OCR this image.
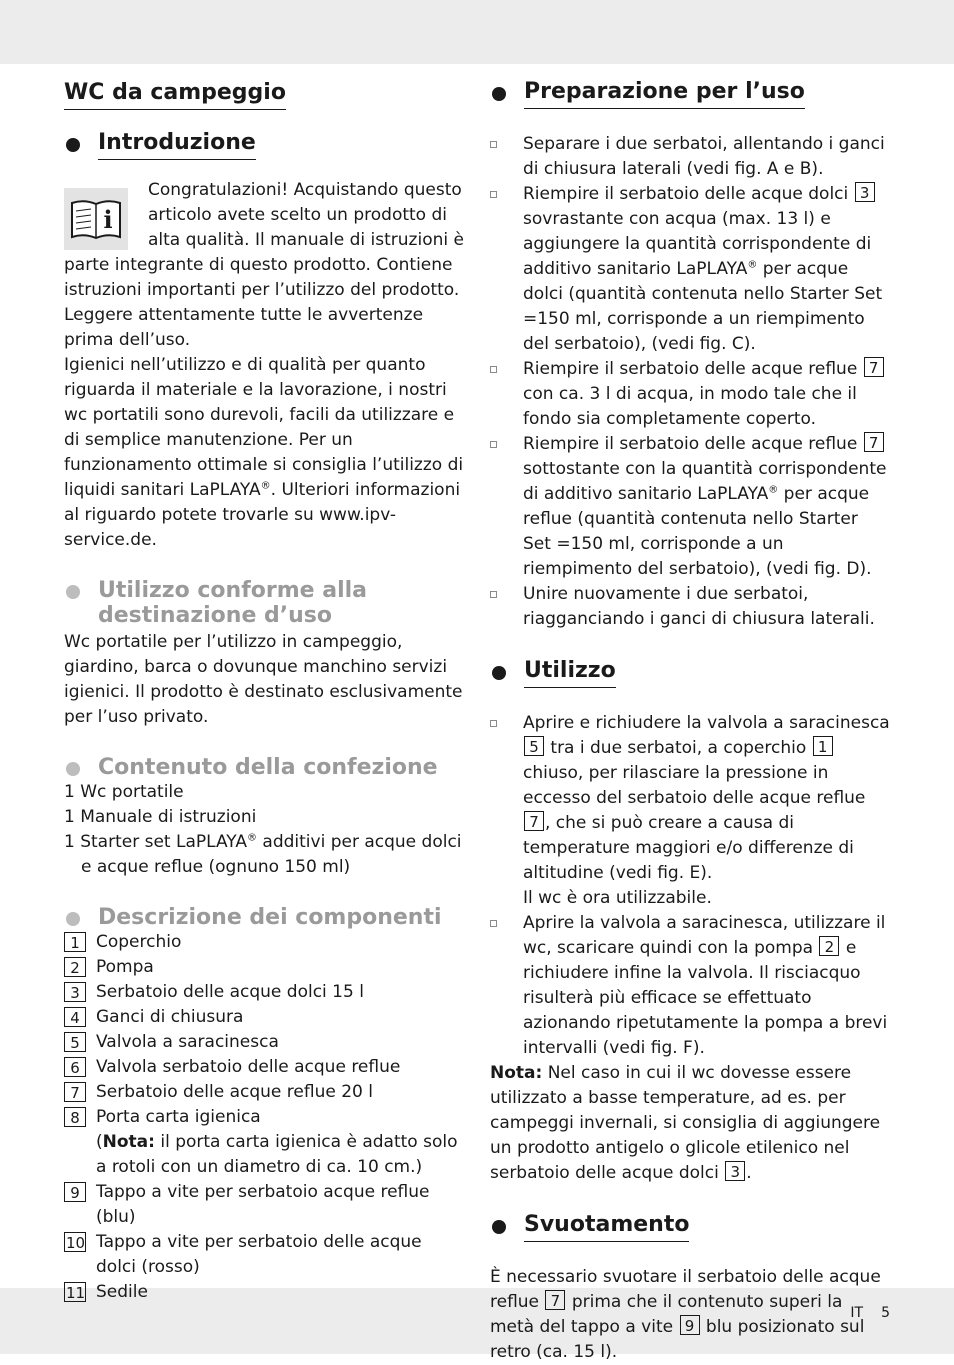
IT 5
WC da campeggio
Introduzione
i

Congratulazioni! Acquistando questo articolo avete scelto un prodotto di alta qualità. Il manuale di istruzioni è parte integrante di questo prodotto. Contiene istruzioni importanti per l’utilizzo del prodotto. Leggere attentamente tutte le avvertenze prima dell’uso.

Igienici nell’utilizzo e di qualità per quanto riguarda il materiale e la lavorazione, i nostri wc portatili sono durevoli, facili da utilizzare e di semplice manutenzione. Per un funzionamento ottimale si consiglia l’utilizzo di liquidi sanitari LaPLAYA®. Ulteriori informazioni al riguardo potete trovarle su www.ipv-service.de.

Utilizzo conforme alla destinazione d’uso

Wc portatile per l’utilizzo in campeggio, giardino, barca o dovunque manchino servizi igienici. Il prodotto è destinato esclusivamente per l’uso privato.

Contenuto della confezione

1 Wc portatile

1 Manuale di istruzioni

1 Starter set LaPLAYA® additivi per acque dolci e acque reflue (ognuno 150 ml)

Descrizione dei componenti
1 Coperchio
2 Pompa
3 Serbatoio delle acque dolci 15 l
4 Ganci di chiusura
5 Valvola a saracinesca
6 Valvola serbatoio delle acque reflue
7 Serbatoio delle acque reflue 20 l
8 Porta carta igienica
(Nota: il porta carta igienica è adatto solo a rotoli con un diametro di ca. 10 cm.)
9 Tappo a vite per serbatoio acque reflue (blu)
10 Tappo a vite per serbatoio delle acque dolci (rosso)
11 Sedile
Preparazione per l’uso
Separare i due serbatoi, allentando i ganci di chiusura laterali (vedi fig. A e B).
Riempire il serbatoio delle acque dolci 3 sovrastante con acqua (max. 13 l) e aggiungere la quantità corrispondente di additivo sanitario LaPLAYA® per acque dolci (quantità contenuta nello Starter Set =150 ml, corrisponde a un riempimento del serbatoio), (vedi fig. C).
Riempire il serbatoio delle acque reflue 7 con ca. 3 l di acqua, in modo tale che il fondo sia completamente coperto.
Riempire il serbatoio delle acque reflue 7 sottostante con la quantità corrispondente di additivo sanitario LaPLAYA® per acque reflue (quantità contenuta nello Starter Set =150 ml, corrisponde a un riempimento del serbatoio), (vedi fig. D).
Unire nuovamente i due serbatoi, riagganciando i ganci di chiusura laterali.
Utilizzo
Aprire e richiudere la valvola a saracinesca 5 tra i due serbatoi, a coperchio 1 chiuso, per rilasciare la pressione in eccesso del serbatoio delle acque reflue 7 , che si può creare a causa di temperature maggiori e/o differenze di altitudine (vedi fig. E).
Il wc è ora utilizzabile.
Aprire la valvola a saracinesca, utilizzare il wc, scaricare quindi con la pompa 2 e richiudere infine la valvola. Il risciacquo risulterà più efficace se effettuato azionando ripetutamente la pompa a brevi intervalli (vedi fig. F).

Nota: Nel caso in cui il wc dovesse essere utilizzato a basse temperature, ad es. per campeggi invernali, si consiglia di aggiungere un prodotto antigelo o glicole etilenico nel serbatoio delle acque dolci 3 .

Svuotamento

È necessario svuotare il serbatoio delle acque reflue 7 prima che il contenuto superi la metà del tappo a vite 9 blu posizionato sul retro (ca. 15 l).
